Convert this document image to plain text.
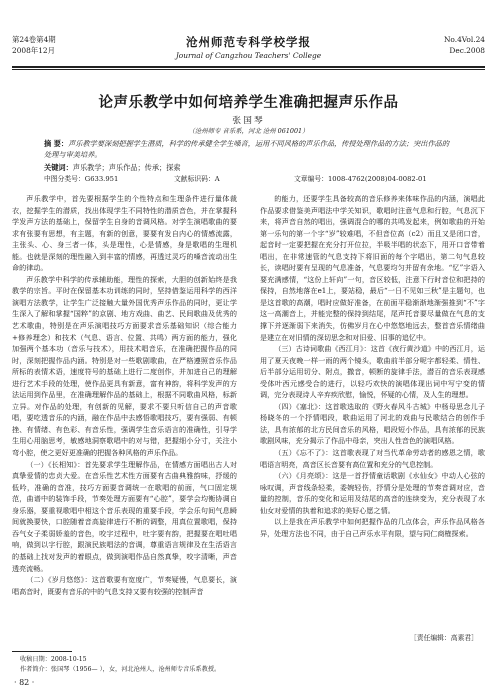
第24卷第4期
2008年12月
沧州师范专科学校学报
Journal of Cangzhou Teachers' College
No.4Vol.24
Dec.2008
论声乐教学中如何培养学生准确把握声乐作品
张国琴
（沧州师专 音乐系，河北 沧州 061001）
摘 要：声乐教学要深刻把握学生潜质，科学的传承健全学生嗓音，运用不同风格的声乐作品，传授处理作品的方法；突出作品的处理与审美培养。
关键词：声乐教学；声乐作品；传承；探索
中图分类号：G633.951	文献标识码：A	文章编号：1008-4762(2008)04-0082-01

声乐教学中，首先要根据学生的个性特点和生理条件进行量体裁衣，挖掘学生的潜质，找出体现学生不同特性的潜质音色，并在掌握科学发声方法的基础上，保留学生自身的音调风格。对学生演唱歌曲的要求有张要有思想，有主题，有新的创意，要要有发自内心的情感流露，主张头、心、身三者一体，头是理性，心是情感，身是歌唱的生理机能。也就是深刻的理性融入到丰富的情感，再透过灵巧的嗓音流动出生命的律动。

声乐教学中科学的传承辅助能，理性的探索，大胆的创新始终是我教学的宗旨。平时在保留基本功训练的同时，坚持借鉴运用科学的西洋演唱方法教学，让学生广泛接触大量外国优秀声乐作品的同时，更让学生深入了解和掌握“国粹”的京剧、地方戏曲、曲艺、民间歌曲及优秀的艺术歌曲，特别是在声乐演唱技巧方面要求音乐基础知识（综合能力+修养理念）和技术（气息、语言、位置、共鸣）两方面的能力，强化加强两个基本功（音乐与技术），用技术唱音乐，在准确把握作品的同时，深刻把握作品内涵。特别是对一些歌剧歌曲，在严格遵照音乐作品所标的表情术语，速度符号的基础上进行二度创作，并加进自己的理解进行艺术手段的处理，使作品更具有新意，富有神韵，将科学发声的方法运用到作品里，在准确理解作品的基础上，根据不同歌曲风格，标新立异。对作品的处理，有创新的见解，要求不要只听信自己的声音歌唱，要吃透音乐的内涵，融在作品中去感悟歌唱技巧，要有强弱、有顿挫、有情绪、有色彩、有音乐性，强调学生音乐语言的准确性，引导学生用心用脑思考，敏感地洞察歌唱中的对与错，把握细小分寸，关注小弯小腔，使之更好更准确的把握各种风格的声乐作品。

（一）《长相知》：首先要求学生理解作品，在情感方面唱出古人对真挚爱情的忠贞大爱。在音乐性艺术性方面要有古曲典雅韵味，抒缓的低吟，准确的音准，技巧方面要音调统一在歌唱的前面，气口固定规范，曲谱中的装饰手段，节奏处理方面要有“心腔”，要学会均衡协调自身乐器，要重视歌唱中相这个音乐表现的重要手段，学会乐句间气息瞬间就换要快，口腔随着音高旋律进行不断的调整，用真位置歌唱，保持吞气女子柔弱娇羞的音色，咬字过程中，吐字要有韵，把握要在唱吐唱响，做到以字行腔，跟演民族唱法的音调，尊重语言规律及在生活语言的基础上找对发声的着眼点，做到演唱作品自然真挚，咬字清晰，声音透亮流畅。

（二）《岁月悠悠》：这首歌要有宽度广，节奏疑慢，气息要长，演唱高音时，既要有音乐的中的气息支持又要有较强的控制声音

的能力，还要学生具备较高的音乐修养来体味作品的内涵，演唱此作品要求借鉴美声唱法中学关知识，歌唱时注意气息和行腔，气息沉下来，将声音自然的唱出，强调混合的哪的共鸣发起来，例如歌曲的开始第一乐句的第一个字“岁”较难唱，不但音位高（c2）而且又是闭口音，起音时一定要把握在充分打开位拉，半吸半唱的状态下，用开口音带着唱出，在非常速管的气息支持下将旧面的每个字唱出，第二句气息较长，读唱时要有呈现的气息准备，气息要均匀并留有余地。“忆”字语入要充满感情，“这份上轩向”一句，音区较低，注意下行时音位和把持的保持，自然地落在e1上，要站稳，最后“一日不见如三秋”是主题句，也是这首歌的高潮，唱时应做好准备，在前面平稳渐渐地渐强推到“不”字这一高潮音上，并能完整的保持到结尾，尾声托音要尽量做在气息的支撑下并逐渐弱下来消失，仿佛岁月在心中悠悠地远去，整首音乐情绪曲是建立在对旧情的深切思念和对旧爱、旧事的追忆中。

（三）古诗词歌曲《西江月》：这首《夜行黄沙道》中的西江月，运用了夏天夜晚一样一雨的两个镜头，歌曲前半部分呢字都轻柔、情性、后半部分运用切分、附点，撒音，顿断的旋律手法，潜百的音乐表现感受体叶西元感受合的进行，以轻巧欢快的演唱体现出词中写宁变的情调，完分表现诗人辛弃疾欣慰，愉悦，怀疑的心情，及人生的理想。

（四）《塞北》：这首歌选取的《野火春风斗古城》中杨母思念儿子杨晓冬的一个抒情唱段，歌曲运用了河北的戏曲与民歌结合的创作手法，具有浓郁的北方民间音乐的风格，唱段短小作品，具有浓郁的民族歌剧风味，充分揭示了作品中母亲，突出人性音色的演唱风格。

（五）《忘不了》：这首歌表现了对当代革命劳动者的感恩之情，歌唱语言明亮，高音区长音要有高位置和充分的气息控制。

（六）《月亮颂》：这是一首抒情童话歌剧《水仙女》中动人心弦的咏叹调，声音线条轻柔，委婉轻伤，抒情分是处理的节奏音调对应，音量的控制，音乐的变化和运用及结尾的高音的连续变为，充分表现了水仙女对爱情的执着和追求的美好心愿之情。

以上是我在声乐教学中如何把握作品的几点体会，声乐作品风格各异，处理方法也不同，由于自己声乐水平有限，望与同仁商榷探索。

［责任编辑：高素君］
收稿日期：2008-10-15
作者简介：张国琴（1956— ），女，河北沧州人，沧州师专音乐系教授。
· 82 ·
